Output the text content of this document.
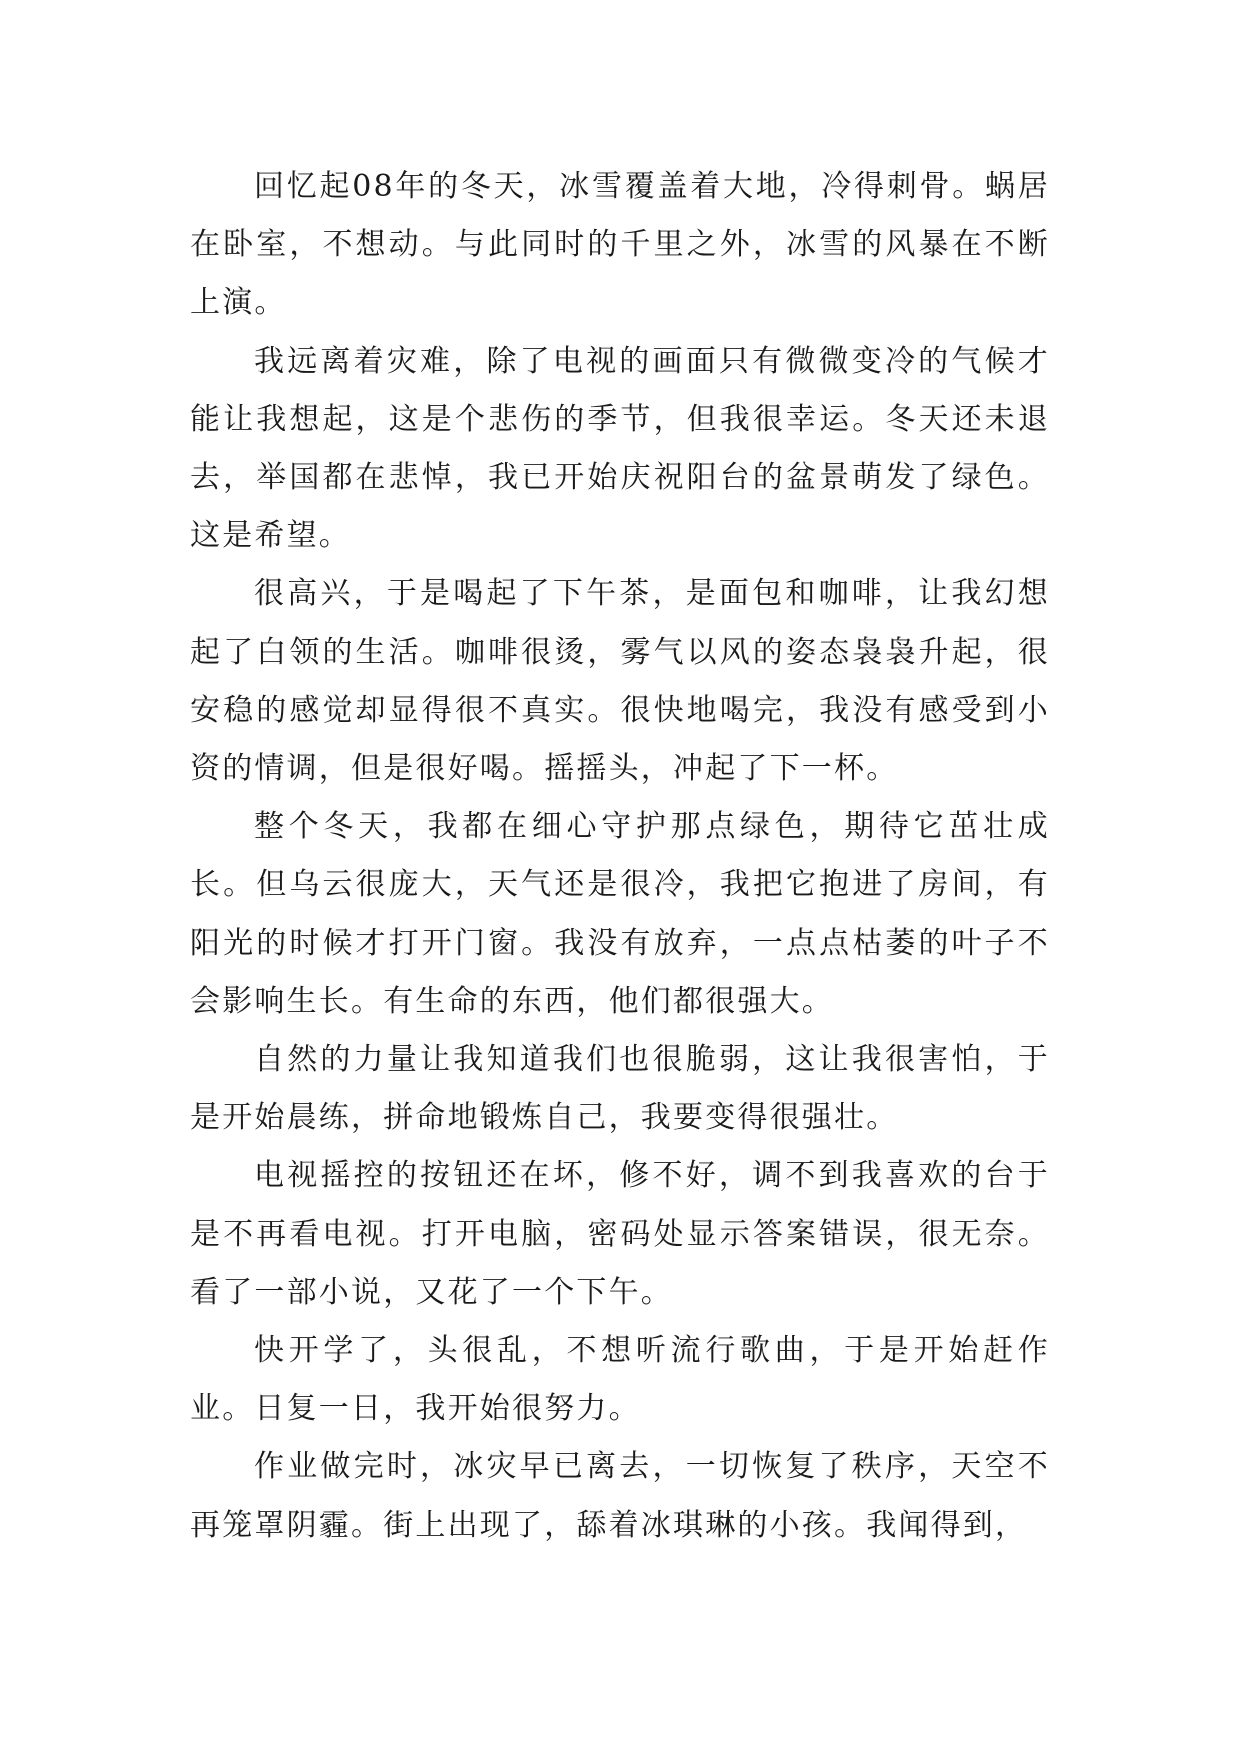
回忆起08年的冬天，冰雪覆盖着大地，冷得刺骨。蜗居在卧室，不想动。与此同时的千里之外，冰雪的风暴在不断上演。

我远离着灾难，除了电视的画面只有微微变冷的气候才能让我想起，这是个悲伤的季节，但我很幸运。冬天还未退去，举国都在悲悼，我已开始庆祝阳台的盆景萌发了绿色。这是希望。

很高兴，于是喝起了下午茶，是面包和咖啡，让我幻想起了白领的生活。咖啡很烫，雾气以风的姿态袅袅升起，很安稳的感觉却显得很不真实。很快地喝完，我没有感受到小资的情调，但是很好喝。摇摇头，冲起了下一杯。

整个冬天，我都在细心守护那点绿色，期待它茁壮成长。但乌云很庞大，天气还是很冷，我把它抱进了房间，有阳光的时候才打开门窗。我没有放弃，一点点枯萎的叶子不会影响生长。有生命的东西，他们都很强大。

自然的力量让我知道我们也很脆弱，这让我很害怕，于是开始晨练，拼命地锻炼自己，我要变得很强壮。

电视摇控的按钮还在坏，修不好，调不到我喜欢的台于是不再看电视。打开电脑，密码处显示答案错误，很无奈。看了一部小说，又花了一个下午。

快开学了，头很乱，不想听流行歌曲，于是开始赶作业。日复一日，我开始很努力。

作业做完时，冰灾早已离去，一切恢复了秩序，天空不再笼罩阴霾。街上出现了，舔着冰琪琳的小孩。我闻得到，
